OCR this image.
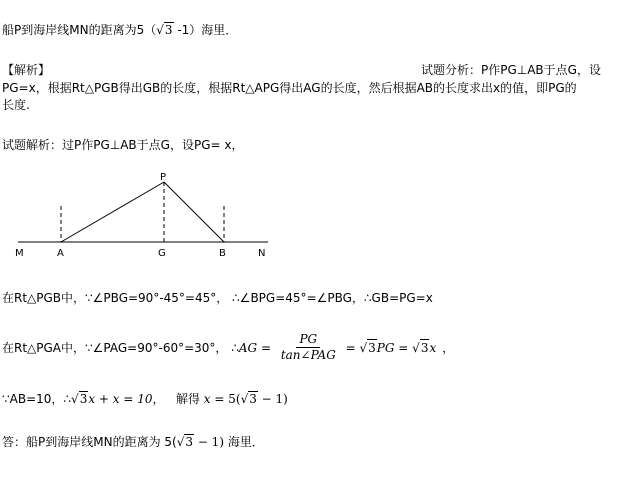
船P到海岸线MN的距离为5（√3 -1）海里．
【解析】	试题分析：P作PG⊥AB于点G，设
PG=x，根据Rt△PGB得出GB的长度，根据Rt△APG得出AG的长度，然后根据AB的长度求出x的值，即PG的
长度.
试题解析：过P作PG⊥AB于点G，设PG= x，
P
M	A	G	B	N
在Rt△PGB中，∵∠PBG=90°-45°=45°， ∴∠BPG=45°=∠PBG，∴GB=PG=x
在Rt△PGA中，∵∠PAG=90°-60°=30°， ∴ AG = $\frac{PG}{\text{tan∠PAG}}$ = √ 3 PG = √ 3 x ，
∵AB=10，∴√3x + x = 10，   解得 x = 5(√3 − 1)
答：船P到海岸线MN的距离为 5(√3 − 1) 海里．
